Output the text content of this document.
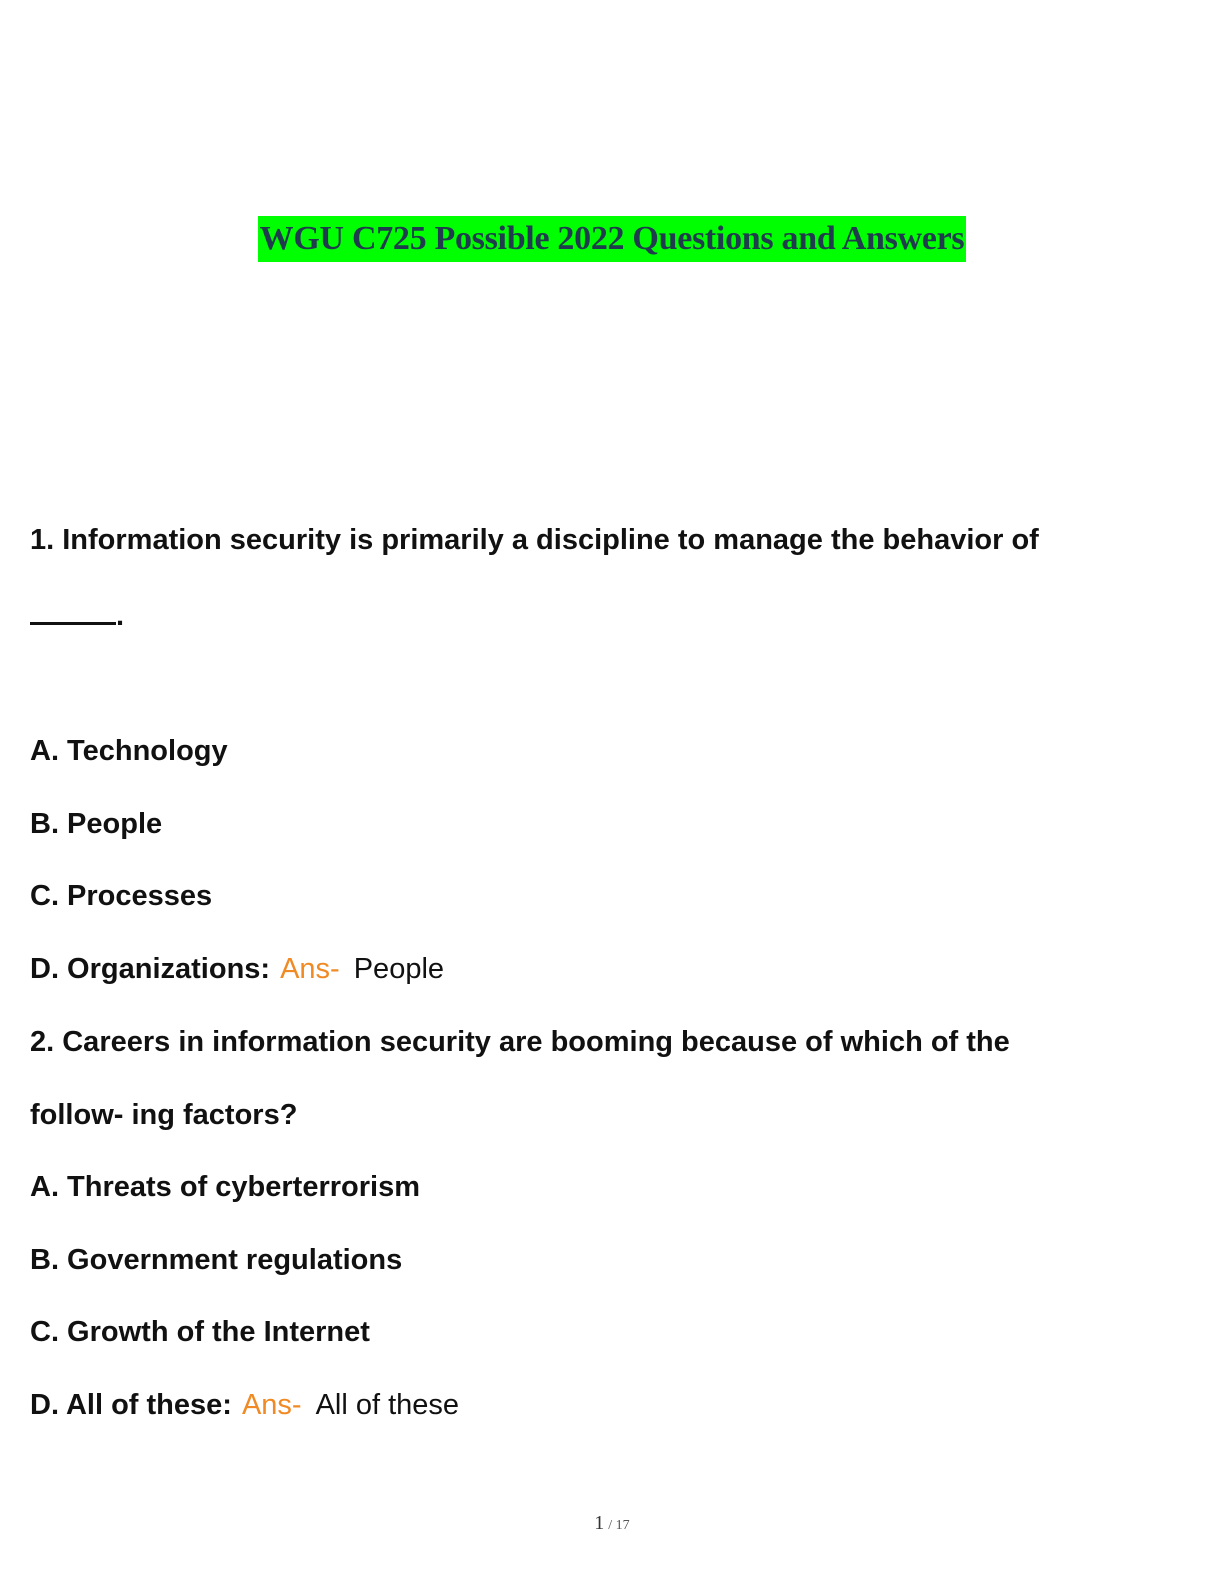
WGU C725 Possible 2022 Questions and Answers
1. Information security is primarily a discipline to manage the behavior of
.
A. Technology
B. People
C. Processes
D. Organizations: Ans- People
2. Careers in information security are booming because of which of the
follow- ing factors?
A. Threats of cyberterrorism
B. Government regulations
C. Growth of the Internet
D. All of these: Ans- All of these
1 / 17
